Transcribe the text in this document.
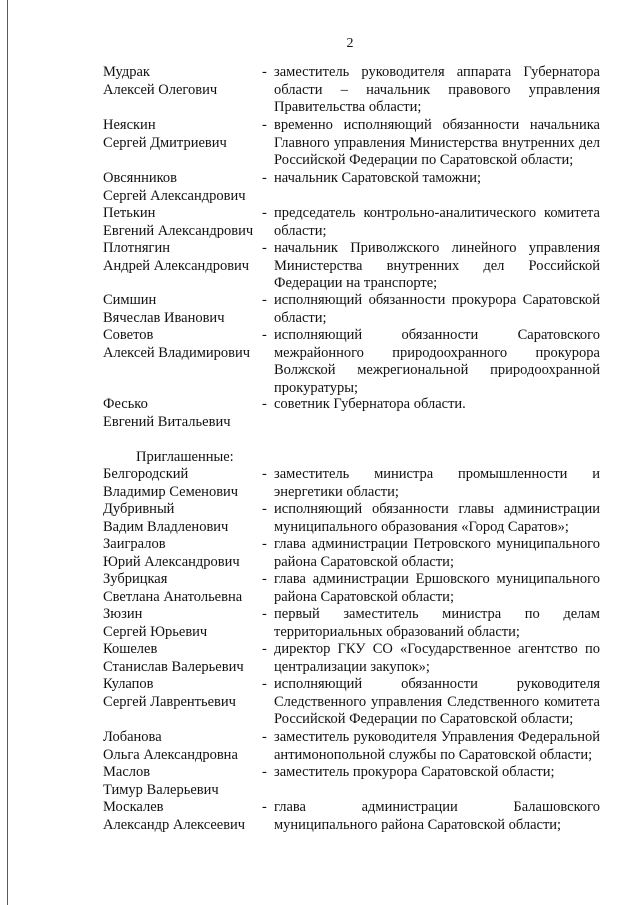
2
Мудрак
Алексей Олегович
- заместитель руководителя аппарата Губернатора области – начальник правового управления Правительства области;
Нeяскин
Сергей Дмитриевич
- временно исполняющий обязанности начальника Главного управления Министерства внутренних дел Российской Федерации по Саратовской области;
Овсянников
Сергей Александрович
- начальник Саратовской таможни;
Петькин
Евгений Александрович
- председатель контрольно-аналитического комитета области;
Плотнягин
Андрей Александрович
- начальник Приволжского линейного управления Министерства внутренних дел Российской Федерации на транспорте;
Симшин
Вячеслав Иванович
- исполняющий обязанности прокурора Саратовской области;
Советов
Алексей Владимирович
- исполняющий обязанности Саратовского межрайонного природоохранного прокурора Волжской межрегиональной природоохранной прокуратуры;
Фесько
Евгений Витальевич
- советник Губернатора области.
Приглашенные:
Белгородский
Владимир Семенович
- заместитель министра промышленности и энергетики области;
Дубривный
Вадим Владленович
- исполняющий обязанности главы администрации муниципального образования «Город Саратов»;
Заигралов
Юрий Александрович
- глава администрации Петровского муниципального района Саратовской области;
Зубрицкая
Светлана Анатольевна
- глава администрации Ершовского муниципального района Саратовской области;
Зюзин
Сергей Юрьевич
- первый заместитель министра по делам территориальных образований области;
Кошелев
Станислав Валерьевич
- директор ГКУ СО «Государственное агентство по централизации закупок»;
Кулапов
Сергей Лаврентьевич
- исполняющий обязанности руководителя Следственного управления Следственного комитета Российской Федерации по Саратовской области;
Лобанова
Ольга Александровна
- заместитель руководителя Управления Федеральной антимонопольной службы по Саратовской области;
Маслов
Тимур Валерьевич
- заместитель прокурора Саратовской области;
Москалев
Александр Алексеевич
- глава администрации Балашовского муниципального района Саратовской области;
